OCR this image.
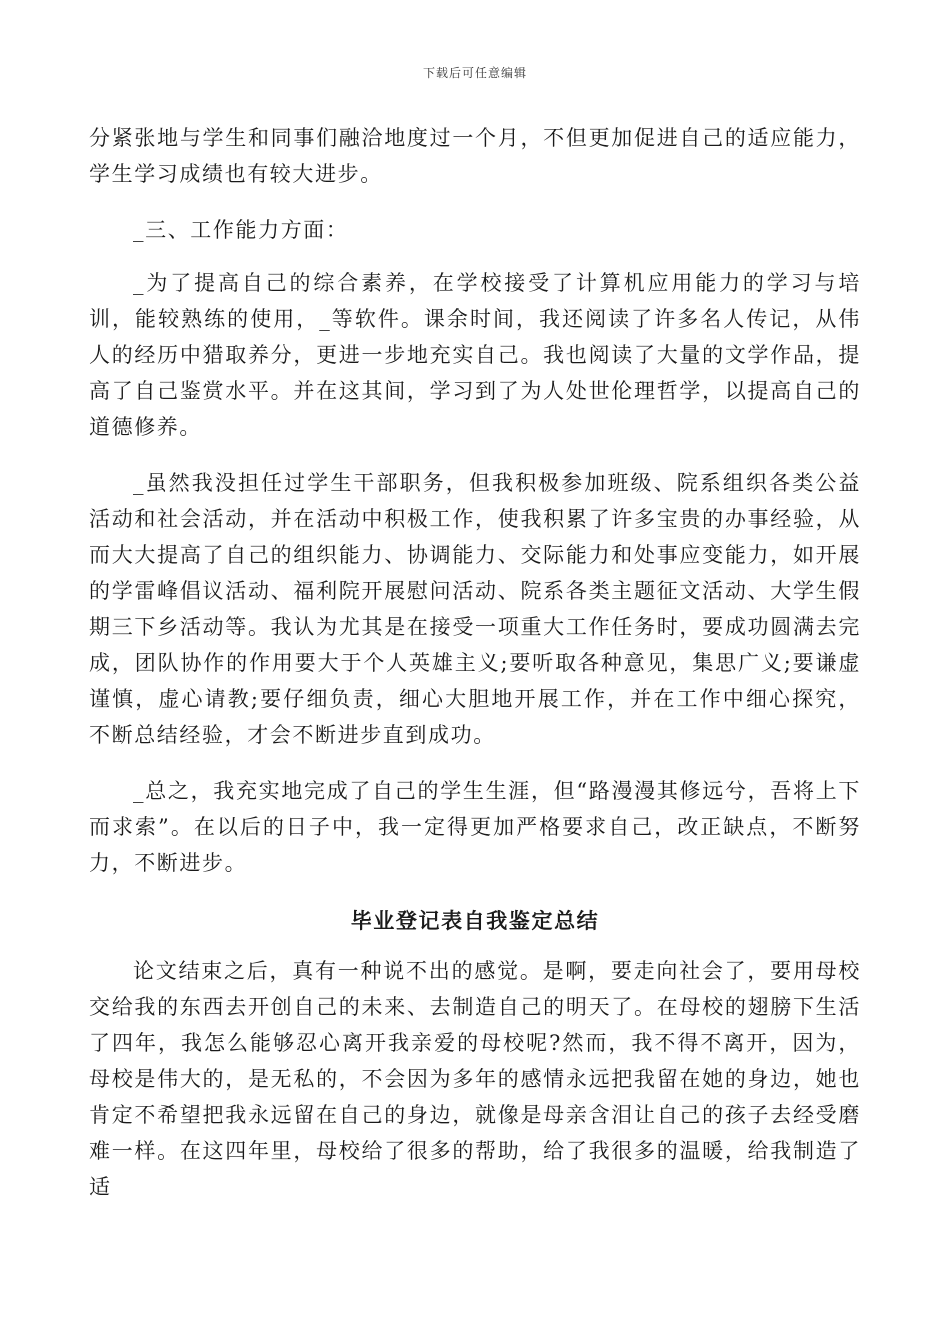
下载后可任意编辑

分紧张地与学生和同事们融洽地度过一个月，不但更加促进自己的适应能力，学生学习成绩也有较大进步。

_三、工作能力方面：

_为了提高自己的综合素养，在学校接受了计算机应用能力的学习与培训，能较熟练的使用，_等软件。课余时间，我还阅读了许多名人传记，从伟人的经历中猎取养分，更进一步地充实自己。我也阅读了大量的文学作品，提高了自己鉴赏水平。并在这其间，学习到了为人处世伦理哲学，以提高自己的道德修养。

_虽然我没担任过学生干部职务，但我积极参加班级、院系组织各类公益活动和社会活动，并在活动中积极工作，使我积累了许多宝贵的办事经验，从而大大提高了自己的组织能力、协调能力、交际能力和处事应变能力，如开展的学雷峰倡议活动、福利院开展慰问活动、院系各类主题征文活动、大学生假期三下乡活动等。我认为尤其是在接受一项重大工作任务时，要成功圆满去完成，团队协作的作用要大于个人英雄主义;要听取各种意见，集思广义;要谦虚谨慎，虚心请教;要仔细负责，细心大胆地开展工作，并在工作中细心探究，不断总结经验，才会不断进步直到成功。

_总之，我充实地完成了自己的学生生涯，但“路漫漫其修远兮，吾将上下而求索”。在以后的日子中，我一定得更加严格要求自己，改正缺点，不断努力，不断进步。

毕业登记表自我鉴定总结

论文结束之后，真有一种说不出的感觉。是啊，要走向社会了，要用母校交给我的东西去开创自己的未来、去制造自己的明天了。在母校的翅膀下生活了四年，我怎么能够忍心离开我亲爱的母校呢?然而，我不得不离开，因为，母校是伟大的，是无私的，不会因为多年的感情永远把我留在她的身边，她也肯定不希望把我永远留在自己的身边，就像是母亲含泪让自己的孩子去经受磨难一样。在这四年里，母校给了很多的帮助，给了我很多的温暖，给我制造了适
